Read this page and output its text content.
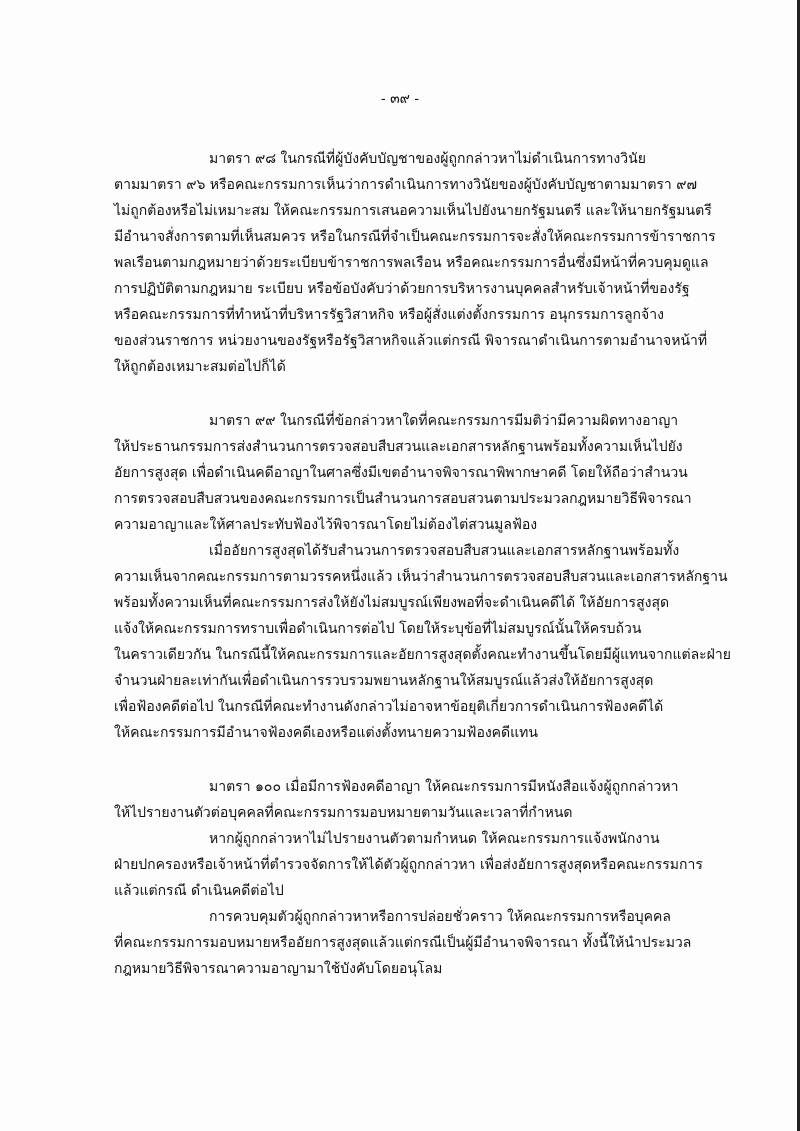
- ๓๙ -
มาตรา ๙๘ ในกรณีที่ผู้บังคับบัญชาของผู้ถูกกล่าวหาไม่ดำเนินการทางวินัย
ตามมาตรา ๙๖ หรือคณะกรรมการเห็นว่าการดำเนินการทางวินัยของผู้บังคับบัญชาตามมาตรา ๙๗
ไม่ถูกต้องหรือไม่เหมาะสม ให้คณะกรรมการเสนอความเห็นไปยังนายกรัฐมนตรี และให้นายกรัฐมนตรี
มีอำนาจสั่งการตามที่เห็นสมควร หรือในกรณีที่จำเป็นคณะกรรมการจะสั่งให้คณะกรรมการข้าราชการ
พลเรือนตามกฎหมายว่าด้วยระเบียบข้าราชการพลเรือน หรือคณะกรรมการอื่นซึ่งมีหน้าที่ควบคุมดูแล
การปฏิบัติตามกฎหมาย ระเบียบ หรือข้อบังคับว่าด้วยการบริหารงานบุคคลสำหรับเจ้าหน้าที่ของรัฐ
หรือคณะกรรมการที่ทำหน้าที่บริหารรัฐวิสาหกิจ หรือผู้สั่งแต่งตั้งกรรมการ อนุกรรมการลูกจ้าง
ของส่วนราชการ หน่วยงานของรัฐหรือรัฐวิสาหกิจแล้วแต่กรณี พิจารณาดำเนินการตามอำนาจหน้าที่
ให้ถูกต้องเหมาะสมต่อไปก็ได้
มาตรา ๙๙ ในกรณีที่ข้อกล่าวหาใดที่คณะกรรมการมีมติว่ามีความผิดทางอาญา
ให้ประธานกรรมการส่งสำนวนการตรวจสอบสืบสวนและเอกสารหลักฐานพร้อมทั้งความเห็นไปยัง
อัยการสูงสุด เพื่อดำเนินคดีอาญาในศาลซึ่งมีเขตอำนาจพิจารณาพิพากษาคดี โดยให้ถือว่าสำนวน
การตรวจสอบสืบสวนของคณะกรรมการเป็นสำนวนการสอบสวนตามประมวลกฎหมายวิธีพิจารณา
ความอาญาและให้ศาลประทับฟ้องไว้พิจารณาโดยไม่ต้องไต่สวนมูลฟ้อง
เมื่ออัยการสูงสุดได้รับสำนวนการตรวจสอบสืบสวนและเอกสารหลักฐานพร้อมทั้ง
ความเห็นจากคณะกรรมการตามวรรคหนึ่งแล้ว เห็นว่าสำนวนการตรวจสอบสืบสวนและเอกสารหลักฐาน
พร้อมทั้งความเห็นที่คณะกรรมการส่งให้ยังไม่สมบูรณ์เพียงพอที่จะดำเนินคดีได้ ให้อัยการสูงสุด
แจ้งให้คณะกรรมการทราบเพื่อดำเนินการต่อไป โดยให้ระบุข้อที่ไม่สมบูรณ์นั้นให้ครบถ้วน
ในคราวเดียวกัน ในกรณีนี้ให้คณะกรรมการและอัยการสูงสุดตั้งคณะทำงานขึ้นโดยมีผู้แทนจากแต่ละฝ่าย
จำนวนฝ่ายละเท่ากันเพื่อดำเนินการรวบรวมพยานหลักฐานให้สมบูรณ์แล้วส่งให้อัยการสูงสุด
เพื่อฟ้องคดีต่อไป ในกรณีที่คณะทำงานดังกล่าวไม่อาจหาข้อยุติเกี่ยวการดำเนินการฟ้องคดีได้
ให้คณะกรรมการมีอำนาจฟ้องคดีเองหรือแต่งตั้งทนายความฟ้องคดีแทน
มาตรา ๑๐๐ เมื่อมีการฟ้องคดีอาญา ให้คณะกรรมการมีหนังสือแจ้งผู้ถูกกล่าวหา
ให้ไปรายงานตัวต่อบุคคลที่คณะกรรมการมอบหมายตามวันและเวลาที่กำหนด
หากผู้ถูกกล่าวหาไม่ไปรายงานตัวตามกำหนด ให้คณะกรรมการแจ้งพนักงาน
ฝ่ายปกครองหรือเจ้าหน้าที่ตำรวจจัดการให้ได้ตัวผู้ถูกกล่าวหา เพื่อส่งอัยการสูงสุดหรือคณะกรรมการ
แล้วแต่กรณี ดำเนินคดีต่อไป
การควบคุมตัวผู้ถูกกล่าวหาหรือการปล่อยชั่วคราว ให้คณะกรรมการหรือบุคคล
ที่คณะกรรมการมอบหมายหรืออัยการสูงสุดแล้วแต่กรณีเป็นผู้มีอำนาจพิจารณา ทั้งนี้ให้นำประมวล
กฎหมายวิธีพิจารณาความอาญามาใช้บังคับโดยอนุโลม
